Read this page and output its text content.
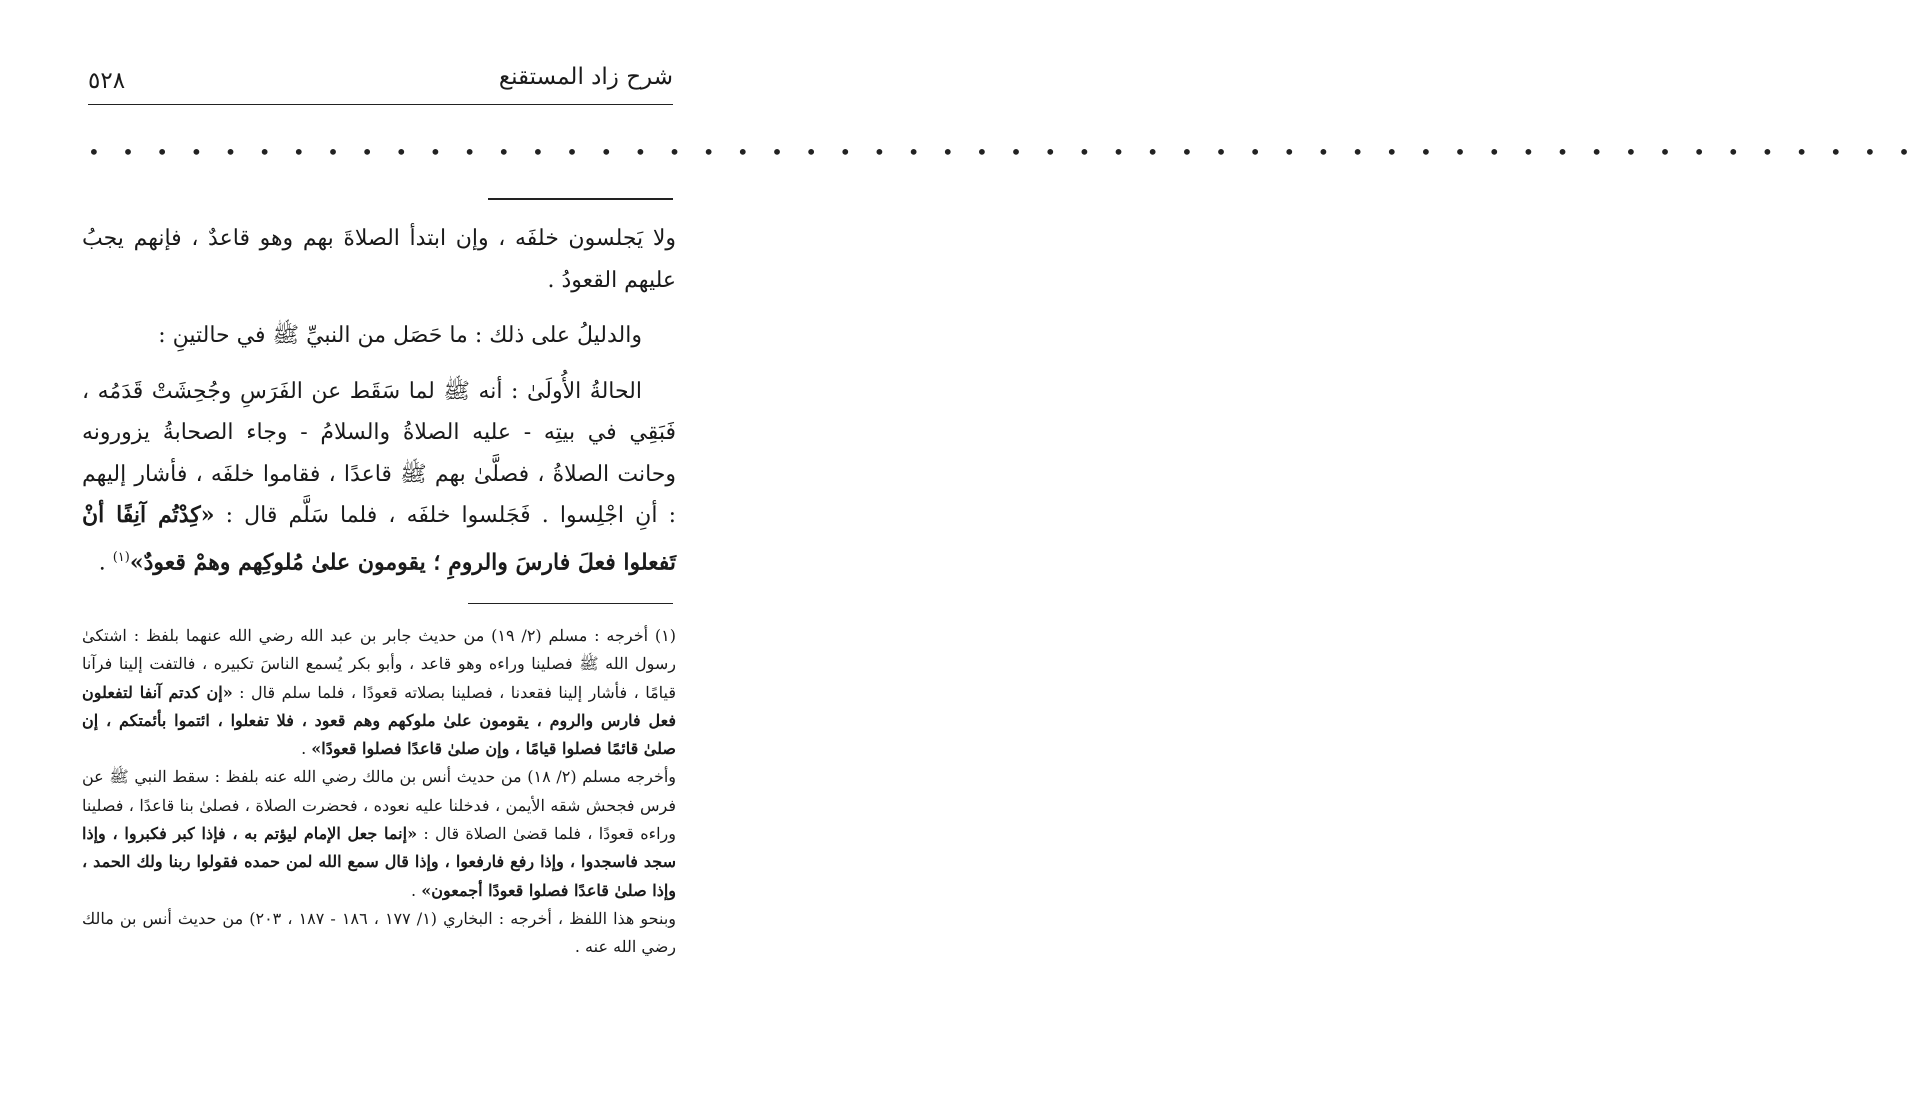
شرح زاد المستقنع
٥٢٨
• • • • • • • • • • • • • • • • • • • • • • • • • • • • • • • • • • • • • • • • • • • • • • • • • • • • • •

ولا يَجلسون خلفَه ، وإن ابتدأ الصلاةَ بهم وهو قاعدٌ ، فإنهم يجبُ عليهم القعودُ .

والدليلُ على ذلك : ما حَصَل من النبيِّ ﷺ في حالتينِ :

الحالةُ الأُولَىٰ : أنه ﷺ لما سَقَط عن الفَرَسِ وجُحِشَتْ قَدَمُه ، فَبَقِي في بيتِه - عليه الصلاةُ والسلامُ - وجاء الصحابةُ يزورونه وحانت الصلاةُ ، فصلَّىٰ بهم ﷺ قاعدًا ، فقاموا خلفَه ، فأشار إليهم : أنِ اجْلِسوا . فَجَلسوا خلفَه ، فلما سَلَّم قال : «كِدْتُم آنِفًا أنْ تَفعلوا فعلَ فارسَ والرومِ ؛ يقومون علىٰ مُلوكِهم وهمْ قعودٌ»$^{(١)}$ .

(١) أخرجه : مسلم (٢/ ١٩) من حديث جابر بن عبد الله رضي الله عنهما بلفظ : اشتكىٰ رسول الله ﷺ فصلينا وراءه وهو قاعد ، وأبو بكر يُسمع الناسَ تكبيره ، فالتفت إلينا فرآنا قيامًا ، فأشار إلينا فقعدنا ، فصلينا بصلاته قعودًا ، فلما سلم قال : «إن كدتم آنفا لتفعلون فعل فارس والروم ، يقومون علىٰ ملوكهم وهم قعود ، فلا تفعلوا ، ائتموا بأئمتكم ، إن صلىٰ قائمًا فصلوا قيامًا ، وإن صلىٰ قاعدًا فصلوا قعودًا» .

وأخرجه مسلم (٢/ ١٨) من حديث أنس بن مالك رضي الله عنه بلفظ : سقط النبي ﷺ عن فرس فجحش شقه الأيمن ، فدخلنا عليه نعوده ، فحضرت الصلاة ، فصلىٰ بنا قاعدًا ، فصلينا وراءه قعودًا ، فلما قضىٰ الصلاة قال : «إنما جعل الإمام ليؤتم به ، فإذا كبر فكبروا ، وإذا سجد فاسجدوا ، وإذا رفع فارفعوا ، وإذا قال سمع الله لمن حمده فقولوا ربنا ولك الحمد ، وإذا صلىٰ قاعدًا فصلوا قعودًا أجمعون» .

وبنحو هذا اللفظ ، أخرجه : البخاري (١/ ١٧٧ ، ١٨٦ - ١٨٧ ، ٢٠٣) من حديث أنس بن مالك رضي الله عنه .
